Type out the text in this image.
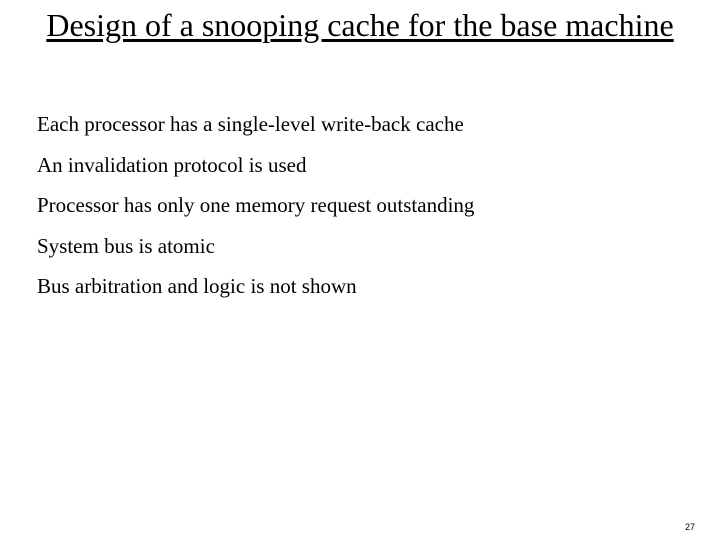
Design of a snooping cache for the base machine
Each processor has a single-level write-back cache
An invalidation protocol is used
Processor has only one memory request outstanding
System bus is atomic
Bus arbitration and logic is not shown
27
